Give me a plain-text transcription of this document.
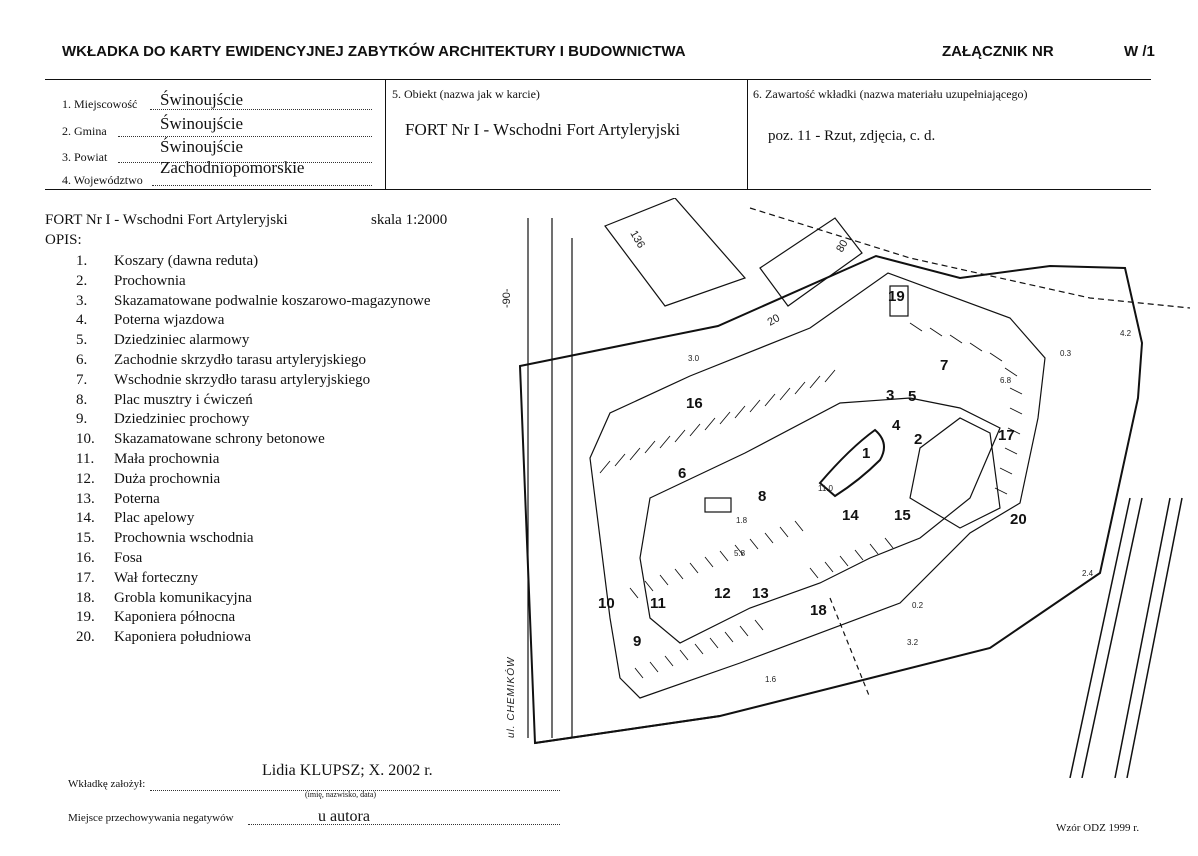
WKŁADKA DO KARTY EWIDENCYJNEJ ZABYTKÓW ARCHITEKTURY I BUDOWNICTWA	ZAŁĄCZNIK NR	W /1
1. Miejscowość Świnoujście
2. Gmina	Świnoujście
3. Powiat
Świnoujście
4. Województwo
Zachodniopomorskie
5. Obiekt (nazwa jak w karcie)
FORT Nr I - Wschodni Fort Artyleryjski
6. Zawartość wkładki (nazwa materiału uzupełniającego)
poz. 11 - Rzut, zdjęcia, c. d.
FORT Nr I - Wschodni Fort Artyleryjski	skala 1:2000
OPIS:
1. Koszary (dawna reduta)
2. Prochownia
3. Skazamatowane podwalnie koszarowo-magazynowe
4. Poterna wjazdowa
5. Dziedziniec alarmowy
6. Zachodnie skrzydło tarasu artyleryjskiego
7. Wschodnie skrzydło tarasu artyleryjskiego
8. Plac musztry i ćwiczeń
9. Dziedziniec prochowy
10. Skazamatowane schrony betonowe
11. Mała prochownia
12. Duża prochownia
13. Poterna
14. Plac apelowy
15. Prochownia wschodnia
16. Fosa
17. Wał forteczny
18. Grobla komunikacyjna
19. Kaponiera północna
20. Kaponiera południowa
1
2
3
4
5
6
7
8
9
10 11
12 13
14 15
16
17
18
19
20
3.0
0.3
4.2
3.2
2.4
5.8
1.6
0.2
1.8
11.0
6.8
-90-
136	80
20
ul. CHEMIKÓW
Wkładkę założył:
Lidia KLUPSZ; X. 2002 r.
(imię, nazwisko, data)
Miejsce przechowywania negatywów	u autora
Wzór ODZ 1999 r.
